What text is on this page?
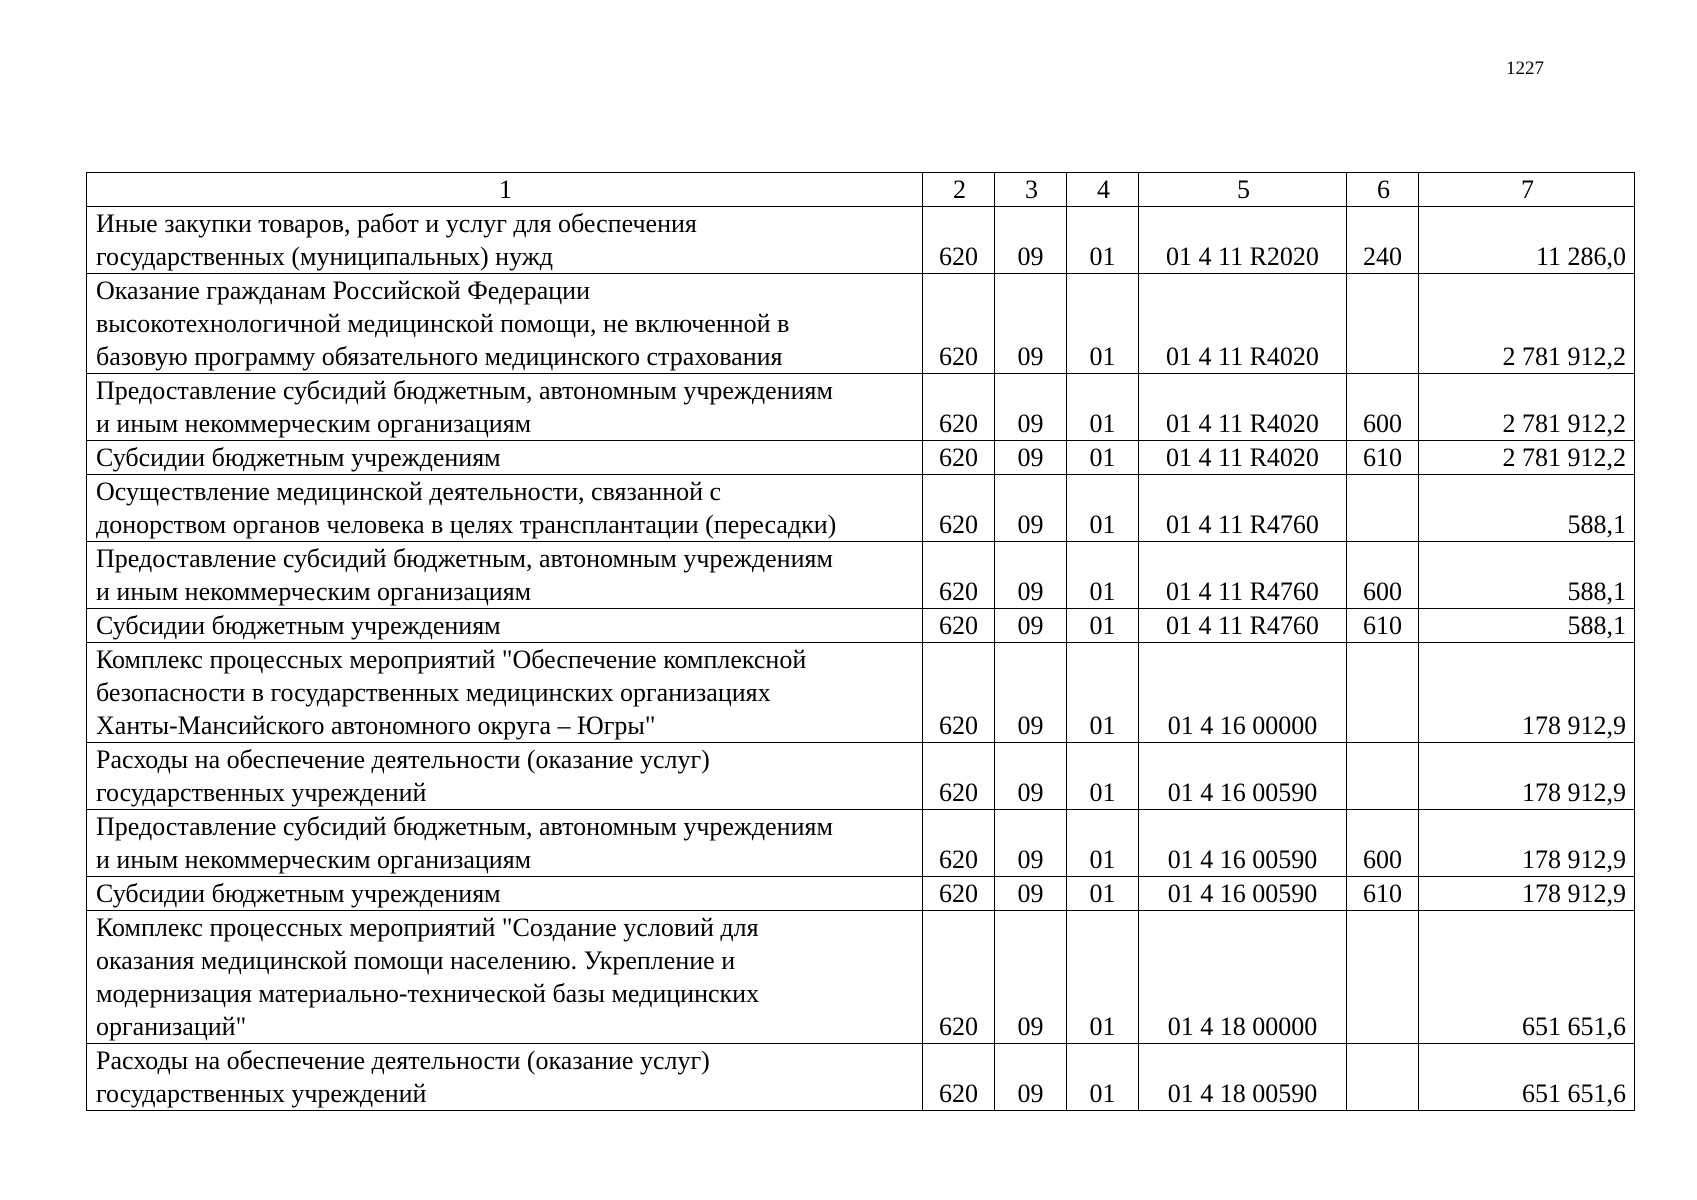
1227
1	2	3	4	5	6	7
Иные закупки товаров, работ и услуг для обеспечения
государственных (муниципальных) нужд	620	09	01	01 4 11 R2020	240	11 286,0
Оказание гражданам Российской Федерации
высокотехнологичной медицинской помощи, не включенной в
базовую программу обязательного медицинского страхования	620	09	01	01 4 11 R4020		2 781 912,2
Предоставление субсидий бюджетным, автономным учреждениям
и иным некоммерческим организациям	620	09	01	01 4 11 R4020	600	2 781 912,2
Субсидии бюджетным учреждениям	620	09	01	01 4 11 R4020	610	2 781 912,2
Осуществление медицинской деятельности, связанной с
донорством органов человека в целях трансплантации (пересадки)	620	09	01	01 4 11 R4760		588,1
Предоставление субсидий бюджетным, автономным учреждениям
и иным некоммерческим организациям	620	09	01	01 4 11 R4760	600	588,1
Субсидии бюджетным учреждениям	620	09	01	01 4 11 R4760	610	588,1
Комплекс процессных мероприятий "Обеспечение комплексной
безопасности в государственных медицинских организациях
Ханты-Мансийского автономного округа – Югры"	620	09	01	01 4 16 00000		178 912,9
Расходы на обеспечение деятельности (оказание услуг)
государственных учреждений	620	09	01	01 4 16 00590		178 912,9
Предоставление субсидий бюджетным, автономным учреждениям
и иным некоммерческим организациям	620	09	01	01 4 16 00590	600	178 912,9
Субсидии бюджетным учреждениям	620	09	01	01 4 16 00590	610	178 912,9
Комплекс процессных мероприятий "Создание условий для
оказания медицинской помощи населению. Укрепление и
модернизация материально-технической базы медицинских
организаций"	620	09	01	01 4 18 00000		651 651,6
Расходы на обеспечение деятельности (оказание услуг)
государственных учреждений	620	09	01	01 4 18 00590		651 651,6
